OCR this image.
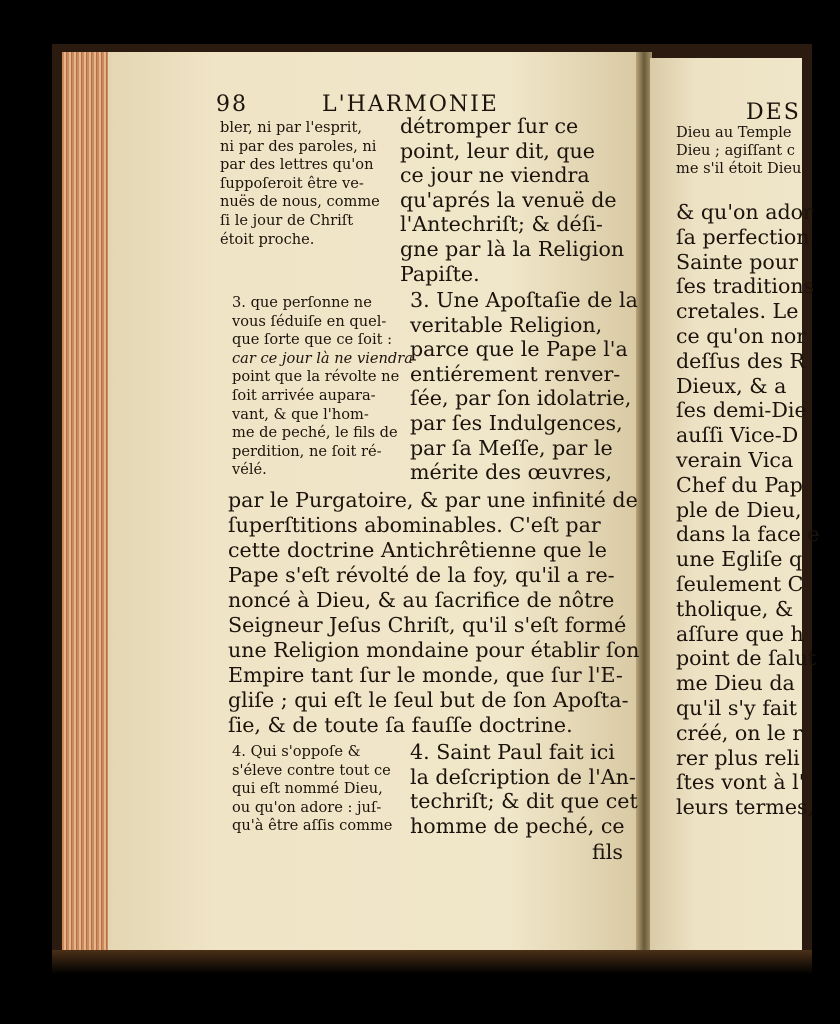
98	L'HARMONIE
bler, ni par l'esprit,
ni par des paroles, ni
par des lettres qu'on
ſuppoſeroit être ve-
nuës de nous, comme
ſi le jour de Chriſt
étoit proche.
détromper ſur ce
point, leur dit, que
ce jour ne viendra
qu'aprés la venuë de
l'Antechriſt; & déſi-
gne par là la Religion
Papiſte.
3. que perſonne ne
vous ſéduiſe en quel-
que ſorte que ce ſoit :
car ce jour là ne viendra
point que la révolte ne
ſoit arrivée auparа-
vant, & que l'hom-
me de peché, le fils de
perdition, ne ſoit ré-
vélé.
3. Une Apoſtaſie de la
veritable Religion,
parce que le Pape l'a
entiérement renver-
ſée, par ſon idolatrie,
par ſes Indulgences,
par ſa Meſſe, par le
mérite des œuvres,
par le Purgatoire, & par une infinité de
ſuperſtitions abominables. C'eſt par
cette doctrine Antichrêtienne que le
Pape s'eſt révolté de la foy, qu'il a re-
noncé à Dieu, & au ſacrifice de nôtre
Seigneur Jeſus Chriſt, qu'il s'eſt formé
une Religion mondaine pour établir ſon
Empire tant ſur le monde, que ſur l'E-
gliſe ; qui eſt le ſeul but de ſon Apoſta-
ſie, & de toute ſa fauſſe doctrine.
4. Qui s'oppoſe &
s'éleve contre tout ce
qui eſt nommé Dieu,
ou qu'on adore : juſ-
qu'à être aſſis comme
4. Saint Paul fait ici
la deſcription de l'An-
techriſt; & dit que cet
homme de peché, ce
fils
DES
Dieu au Temple
Dieu ; agiſſant c
me s'il étoit Dieu
& qu'on ador
ſa perfection
Sainte pour
ſes traditions
cretales. Le
ce qu'on nor
deſſus des R
Dieux, & a
ſes demi-Die
auſſi Vice-D
verain Vica
Chef du Pap
ple de Dieu,
dans la face e
une Egliſe q
ſeulement C
tholique, &
aſſure que h
point de ſalut
me Dieu da
qu'il s'y fait
créé, on le r
rer plus reli
ſtes vont à l'
leurs termes,
